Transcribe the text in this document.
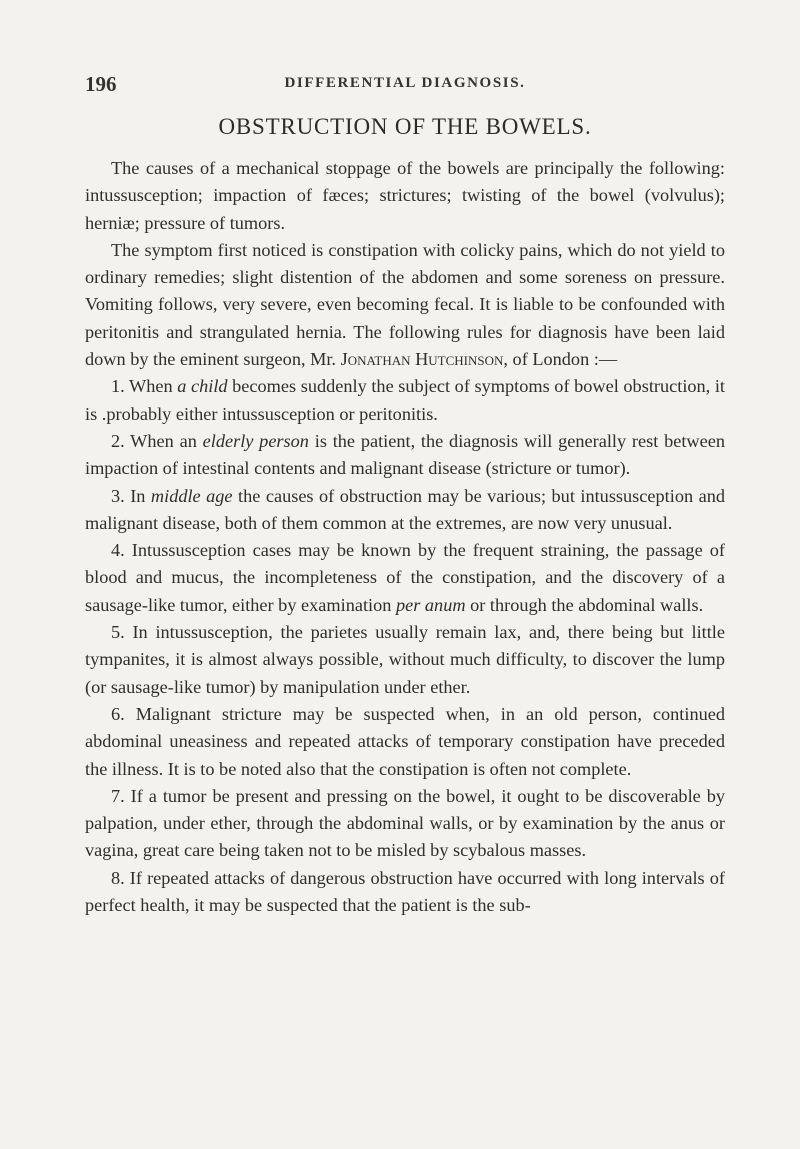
196	DIFFERENTIAL DIAGNOSIS.
OBSTRUCTION OF THE BOWELS.

The causes of a mechanical stoppage of the bowels are principally the following: intussusception; impaction of fæces; strictures; twisting of the bowel (volvulus); herniæ; pressure of tumors.

The symptom first noticed is constipation with colicky pains, which do not yield to ordinary remedies; slight distention of the abdomen and some soreness on pressure. Vomiting follows, very severe, even becoming fecal. It is liable to be confounded with peritonitis and strangulated hernia. The following rules for diagnosis have been laid down by the eminent surgeon, Mr. Jonathan Hutchinson, of London :—

1. When a child becomes suddenly the subject of symptoms of bowel obstruction, it is .probably either intussusception or peritonitis.

2. When an elderly person is the patient, the diagnosis will generally rest between impaction of intestinal contents and malignant disease (stricture or tumor).

3. In middle age the causes of obstruction may be various; but intussusception and malignant disease, both of them common at the extremes, are now very unusual.

4. Intussusception cases may be known by the frequent straining, the passage of blood and mucus, the incompleteness of the constipation, and the discovery of a sausage-like tumor, either by examination per anum or through the abdominal walls.

5. In intussusception, the parietes usually remain lax, and, there being but little tympanites, it is almost always possible, without much difficulty, to discover the lump (or sausage-like tumor) by manipulation under ether.

6. Malignant stricture may be suspected when, in an old person, continued abdominal uneasiness and repeated attacks of temporary constipation have preceded the illness. It is to be noted also that the constipation is often not complete.

7. If a tumor be present and pressing on the bowel, it ought to be discoverable by palpation, under ether, through the abdominal walls, or by examination by the anus or vagina, great care being taken not to be misled by scybalous masses.

8. If repeated attacks of dangerous obstruction have occurred with long intervals of perfect health, it may be suspected that the patient is the sub-
